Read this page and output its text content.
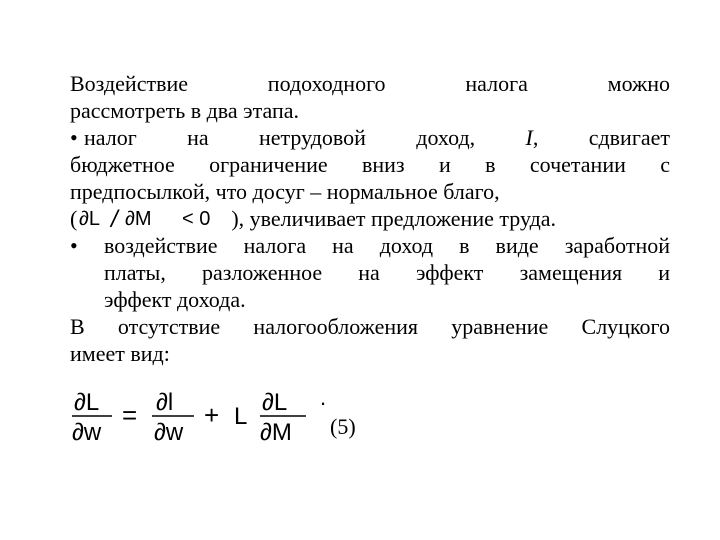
Воздействие подоходного налога можно
рассмотреть в два этапа.
• налог на нетрудовой доход, I, сдвигает
бюджетное ограничение вниз и в сочетании с
предпосылкой, что досуг – нормальное благо,
( ∂L / ∂M < 0 ), увеличивает предложение труда.
•	воздействие налога на доход в виде заработной
платы, разложенное на эффект замещения и
эффект дохода.
В отсутствие налогообложения уравнение Слуцкого
имеет вид:
∂L
∂w
= ∂l
∂w
+ L
∂L
∂M
.
(5)
